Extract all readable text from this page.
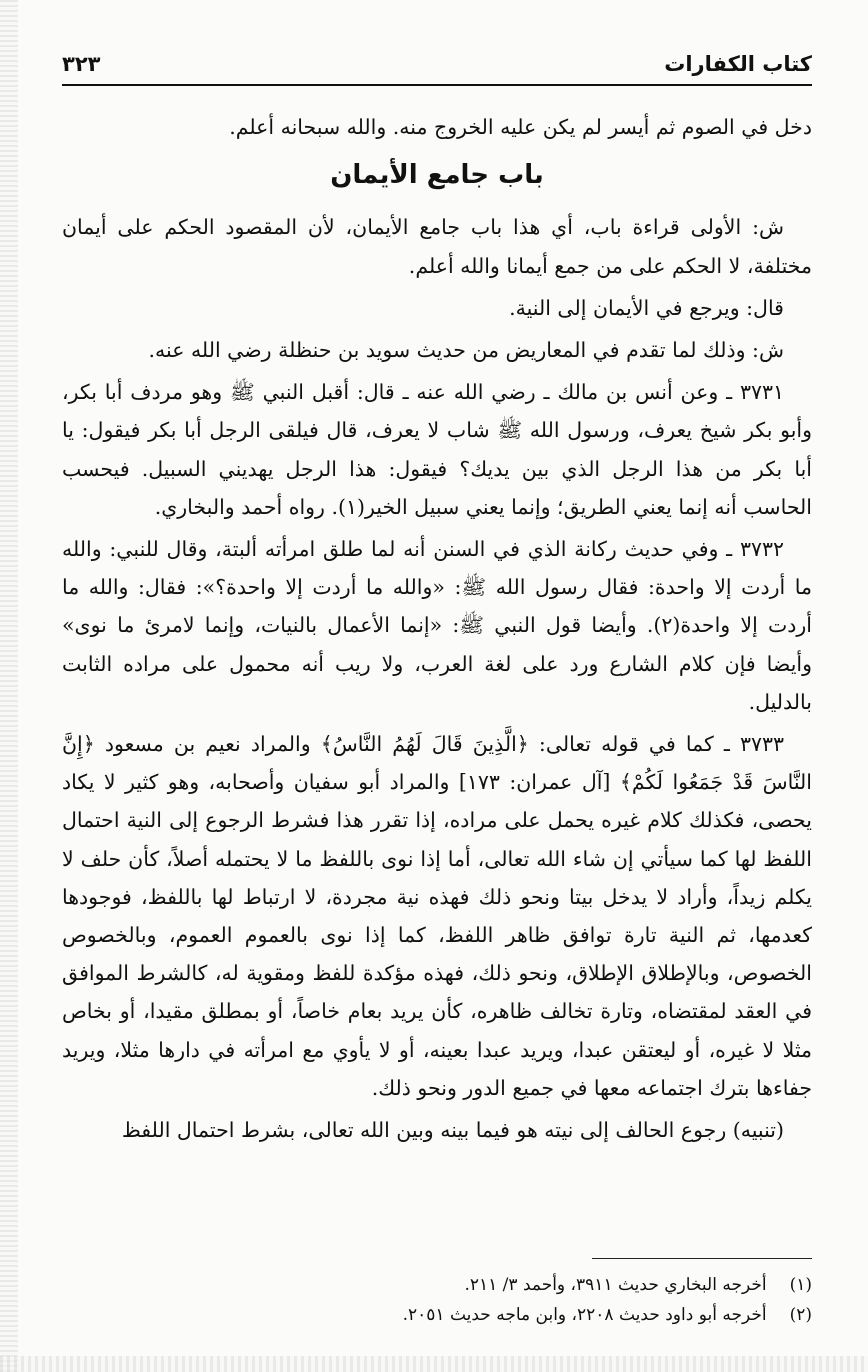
كتاب الكفارات
٣٢٣

دخل في الصوم ثم أيسر لم يكن عليه الخروج منه. والله سبحانه أعلم.

باب جامع الأيمان

ش: الأولى قراءة باب، أي هذا باب جامع الأيمان، لأن المقصود الحكم على أيمان مختلفة، لا الحكم على من جمع أيمانا والله أعلم.

قال: ويرجع في الأيمان إلى النية.

ش: وذلك لما تقدم في المعاريض من حديث سويد بن حنظلة رضي الله عنه.

٣٧٣١ ـ وعن أنس بن مالك ـ رضي الله عنه ـ قال: أقبل النبي ﷺ وهو مردف أبا بكر، وأبو بكر شيخ يعرف، ورسول الله ﷺ شاب لا يعرف، قال فيلقى الرجل أبا بكر فيقول: يا أبا بكر من هذا الرجل الذي بين يديك؟ فيقول: هذا الرجل يهديني السبيل. فيحسب الحاسب أنه إنما يعني الطريق؛ وإنما يعني سبيل الخير(١). رواه أحمد والبخاري.

٣٧٣٢ ـ وفي حديث ركانة الذي في السنن أنه لما طلق امرأته ألبتة، وقال للنبي: والله ما أردت إلا واحدة: فقال رسول الله ﷺ: «والله ما أردت إلا واحدة؟»: فقال: والله ما أردت إلا واحدة(٢). وأيضا قول النبي ﷺ: «إنما الأعمال بالنيات، وإنما لامرئ ما نوى» وأيضا فإن كلام الشارع ورد على لغة العرب، ولا ريب أنه محمول على مراده الثابت بالدليل.

٣٧٣٣ ـ كما في قوله تعالى: ﴿الَّذِينَ قَالَ لَهُمُ النَّاسُ﴾ والمراد نعيم بن مسعود ﴿إِنَّ النَّاسَ قَدْ جَمَعُوا لَكُمْ﴾ [آل عمران: ١٧٣] والمراد أبو سفيان وأصحابه، وهو كثير لا يكاد يحصى، فكذلك كلام غيره يحمل على مراده، إذا تقرر هذا فشرط الرجوع إلى النية احتمال اللفظ لها كما سيأتي إن شاء الله تعالى، أما إذا نوى باللفظ ما لا يحتمله أصلاً، كأن حلف لا يكلم زيداً، وأراد لا يدخل بيتا ونحو ذلك فهذه نية مجردة، لا ارتباط لها باللفظ، فوجودها كعدمها، ثم النية تارة توافق ظاهر اللفظ، كما إذا نوى بالعموم العموم، وبالخصوص الخصوص، وبالإطلاق الإطلاق، ونحو ذلك، فهذه مؤكدة للفظ ومقوية له، كالشرط الموافق في العقد لمقتضاه، وتارة تخالف ظاهره، كأن يريد بعام خاصاً، أو بمطلق مقيدا، أو بخاص مثلا لا غيره، أو ليعتقن عبدا، ويريد عبدا بعينه، أو لا يأوي مع امرأته في دارها مثلا، ويريد جفاءها بترك اجتماعه معها في جميع الدور ونحو ذلك.

(تنبيه) رجوع الحالف إلى نيته هو فيما بينه وبين الله تعالى، بشرط احتمال اللفظ

(١) أخرجه البخاري حديث ٣٩١١، وأحمد ٣/ ٢١١.
(٢) أخرجه أبو داود حديث ٢٢٠٨، وابن ماجه حديث ٢٠٥١.
